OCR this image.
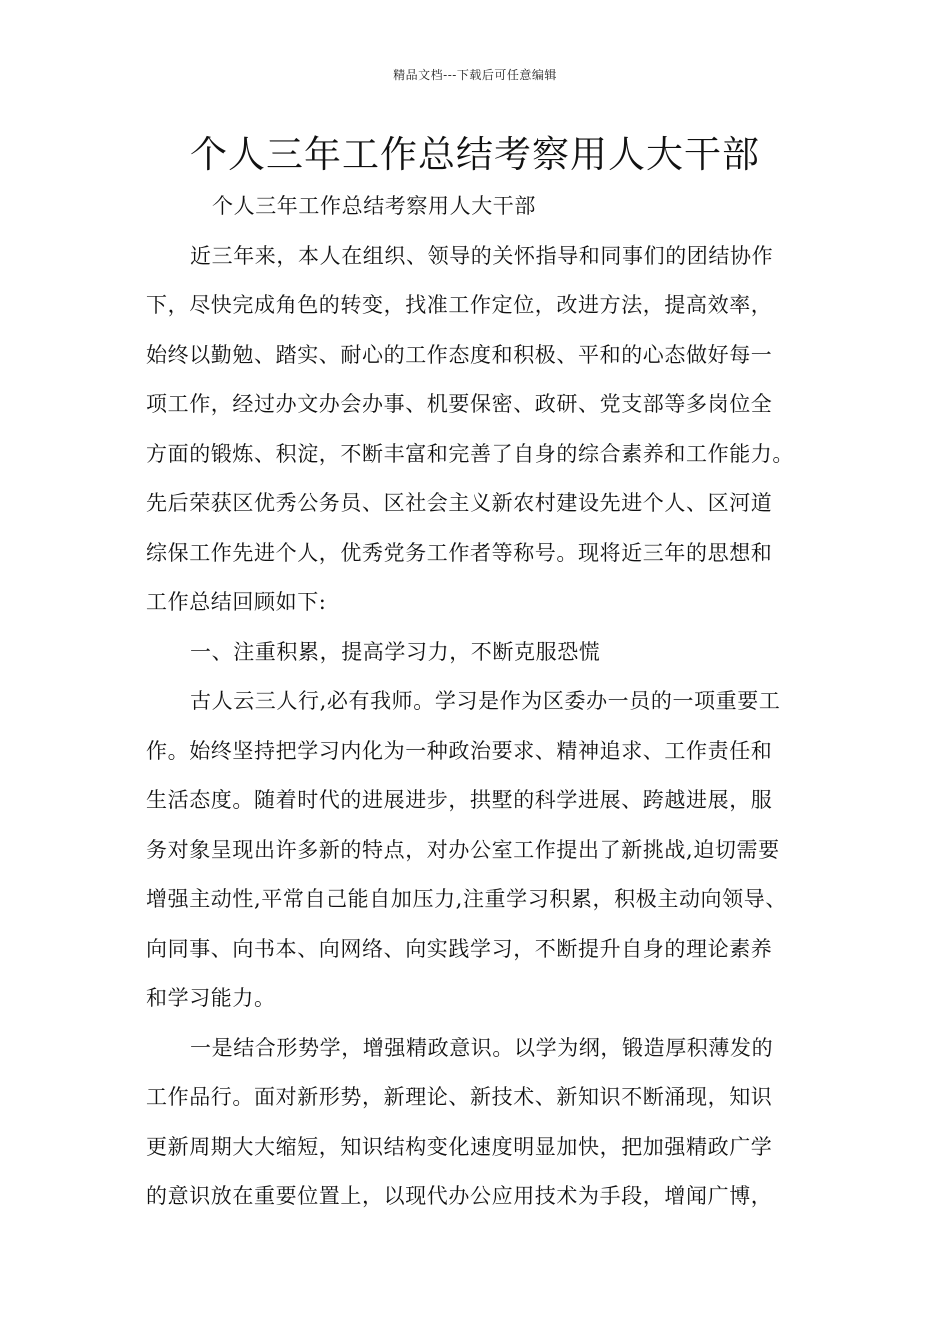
精品文档---下载后可任意编辑
个人三年工作总结考察用人大干部
个人三年工作总结考察用人大干部
近三年来，本人在组织、领导的关怀指导和同事们的团结协作
下，尽快完成角色的转变，找准工作定位，改进方法，提高效率，
始终以勤勉、踏实、耐心的工作态度和积极、平和的心态做好每一
项工作，经过办文办会办事、机要保密、政研、党支部等多岗位全
方面的锻炼、积淀，不断丰富和完善了自身的综合素养和工作能力。
先后荣获区优秀公务员、区社会主义新农村建设先进个人、区河道
综保工作先进个人，优秀党务工作者等称号。现将近三年的思想和
工作总结回顾如下:
一、注重积累，提高学习力，不断克服恐慌
古人云三人行,必有我师。学习是作为区委办一员的一项重要工
作。始终坚持把学习内化为一种政治要求、精神追求、工作责任和
生活态度。随着时代的进展进步，拱墅的科学进展、跨越进展，服
务对象呈现出许多新的特点，对办公室工作提出了新挑战,迫切需要
增强主动性,平常自己能自加压力,注重学习积累，积极主动向领导、
向同事、向书本、向网络、向实践学习，不断提升自身的理论素养
和学习能力。
一是结合形势学，增强精政意识。以学为纲，锻造厚积薄发的
工作品行。面对新形势，新理论、新技术、新知识不断涌现，知识
更新周期大大缩短，知识结构变化速度明显加快，把加强精政广学
的意识放在重要位置上，以现代办公应用技术为手段，增闻广博，
